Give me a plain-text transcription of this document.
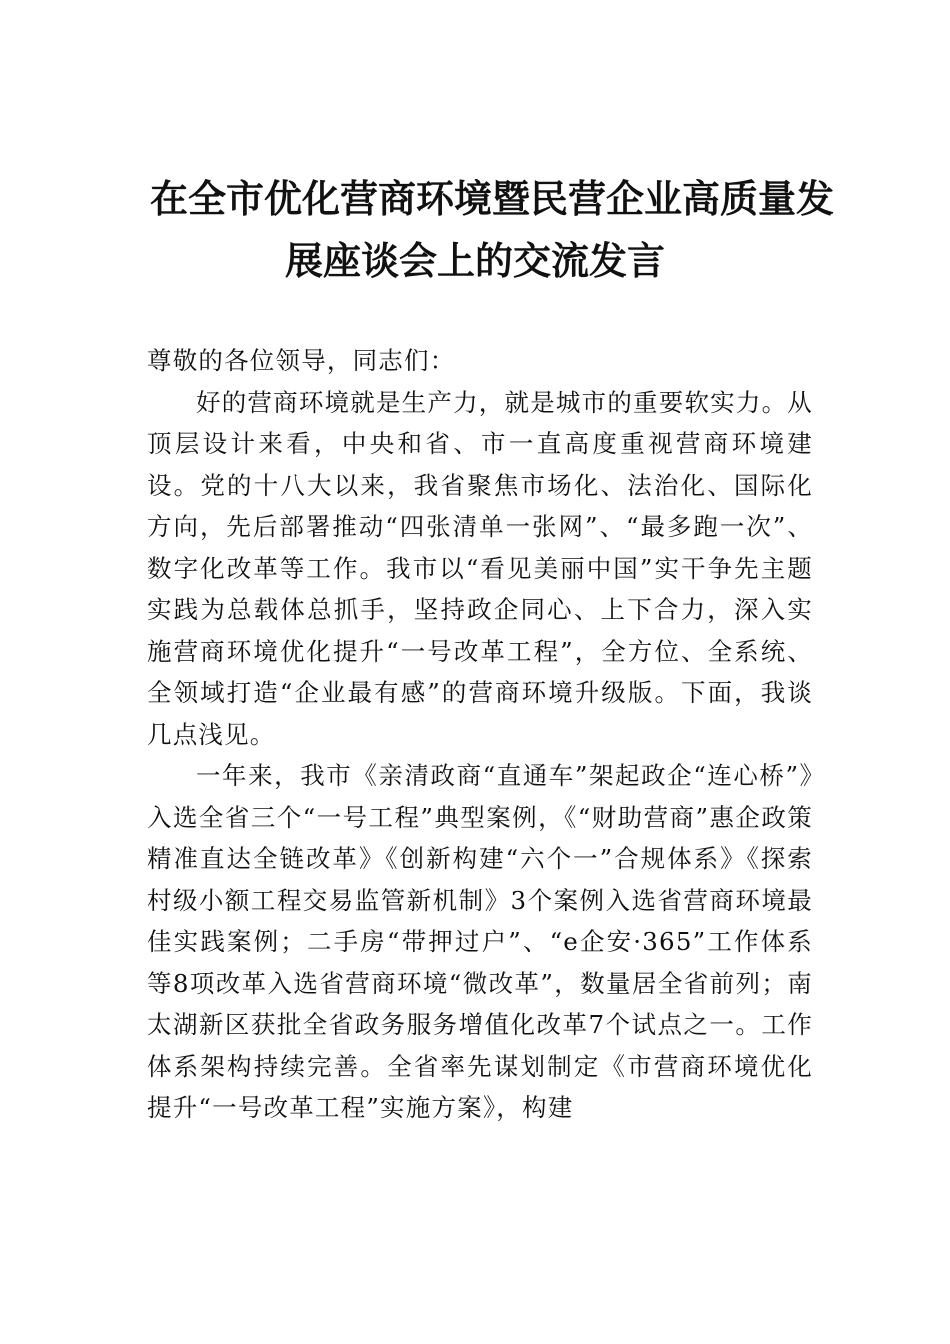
在全市优化营商环境暨民营企业高质量发
展座谈会上的交流发言

尊敬的各位领导，同志们：

好的营商环境就是生产力，就是城市的重要软实力。从顶层设计来看，中央和省、市一直高度重视营商环境建设。党的十八大以来，我省聚焦市场化、法治化、国际化方向，先后部署推动“四张清单一张网”、“最多跑一次”、数字化改革等工作。我市以“看见美丽中国”实干争先主题实践为总载体总抓手，坚持政企同心、上下合力，深入实施营商环境优化提升“一号改革工程”，全方位、全系统、全领域打造“企业最有感”的营商环境升级版。下面，我谈几点浅见。

一年来，我市《亲清政商“直通车”架起政企“连心桥”》入选全省三个“一号工程”典型案例，《“财助营商”惠企政策精准直达全链改革》《创新构建“六个一”合规体系》《探索村级小额工程交易监管新机制》3个案例入选省营商环境最佳实践案例；二手房“带押过户”、“e企安·365”工作体系等8项改革入选省营商环境“微改革”，数量居全省前列；南太湖新区获批全省政务服务增值化改革7个试点之一。工作体系架构持续完善。全省率先谋划制定《市营商环境优化提升“一号改革工程”实施方案》，构建
